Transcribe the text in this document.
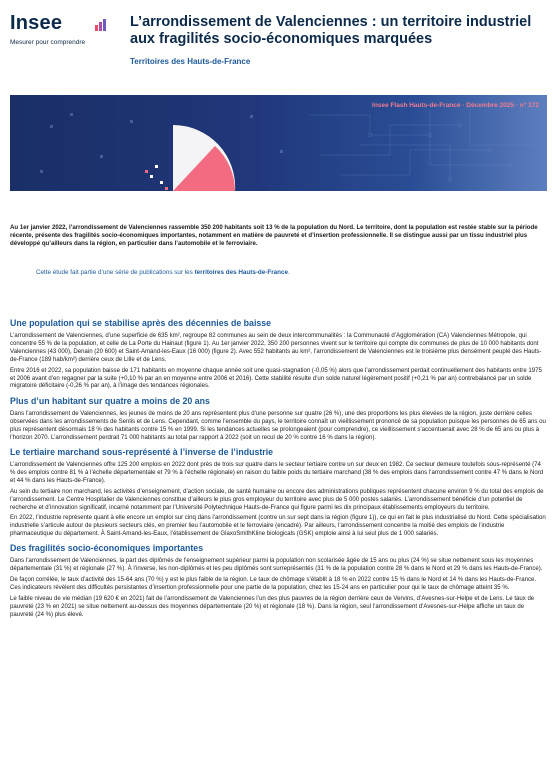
Insee
Mesurer pour comprendre
L’arrondissement de Valenciennes : un territoire industriel aux fragilités socio-économiques marquées
Territoires des Hauts-de-France
Insee Flash Hauts-de-France · Décembre 2025 · n° 172

Au 1er janvier 2022, l’arrondissement de Valenciennes rassemble 350 200 habitants soit 13 % de la population du Nord. Le territoire, dont la population est restée stable sur la période récente, présente des fragilités socio-économiques importantes, notamment en matière de pauvreté et d’insertion professionnelle. Il se distingue aussi par un tissu industriel plus développé qu’ailleurs dans la région, en particulier dans l’automobile et le ferroviaire.

Cette étude fait partie d’une série de publications sur les territoires des Hauts-de-France.

Une population qui se stabilise après des décennies de baisse

L’arrondissement de Valenciennes, d’une superficie de 635 km², regroupe 82 communes au sein de deux intercommunalités : la Communauté d’Agglomération (CA) Valenciennes Métropole, qui concentre 55 % de la population, et celle de La Porte du Hainaut (figure 1). Au 1er janvier 2022, 350 200 personnes vivent sur le territoire qui compte dix communes de plus de 10 000 habitants dont Valenciennes (43 000), Denain (20 600) et Saint-Amand-les-Eaux (16 000) (figure 2). Avec 552 habitants au km², l’arrondissement de Valenciennes est le troisième plus densément peuplé des Hauts-de-France (189 hab/km²) derrière ceux de Lille et de Lens.

Entre 2016 et 2022, sa population baisse de 171 habitants en moyenne chaque année soit une quasi-stagnation (-0,05 %) alors que l’arrondissement perdait continuellement des habitants entre 1975 et 2006 avant d’en regagner par la suite (+0,10 % par an en moyenne entre 2006 et 2016). Cette stabilité résulte d’un solde naturel légèrement positif (+0,21 % par an) contrebalancé par un solde migratoire déficitaire (-0,26 % par an), à l’image des tendances régionales.

Plus d’un habitant sur quatre a moins de 20 ans

Dans l’arrondissement de Valenciennes, les jeunes de moins de 20 ans représentent plus d’une personne sur quatre (26 %), une des proportions les plus élevées de la région, juste derrière celles observées dans les arrondissements de Senlis et de Lens. Cependant, comme l’ensemble du pays, le territoire connaît un vieillissement prononcé de sa population puisque les personnes de 65 ans ou plus représentent désormais 18 % des habitants contre 15 % en 1999. Si les tendances actuelles se prolongeaient (pour comprendre), ce vieillissement s’accentuerait avec 28 % de 65 ans ou plus à l’horizon 2070. L’arrondissement perdrait 71 000 habitants au total par rapport à 2022 (soit un recul de 20 % contre 16 % dans la région).

Le tertiaire marchand sous-représenté à l’inverse de l’industrie

L’arrondissement de Valenciennes offre 125 200 emplois en 2022 dont près de trois sur quatre dans le secteur tertiaire contre un sur deux en 1982. Ce secteur demeure toutefois sous-représenté (74 % des emplois contre 81 % à l’échelle départementale et 79 % à l’échelle régionale) en raison du faible poids du tertiaire marchand (38 % des emplois dans l’arrondissement contre 47 % dans le Nord et 44 % dans les Hauts-de-France).

Au sein du tertiaire non marchand, les activités d’enseignement, d’action sociale, de santé humaine ou encore des administrations publiques représentent chacune environ 9 % du total des emplois de l’arrondissement. Le Centre Hospitalier de Valenciennes constitue d’ailleurs le plus gros employeur du territoire avec plus de 5 000 postes salariés. L’arrondissement bénéficie d’un potentiel de recherche et d’innovation significatif, incarné notamment par l’Université Polytechnique Hauts-de-France qui figure parmi les dix principaux établissements employeurs du territoire.

En 2022, l’industrie représente quant à elle encore un emploi sur cinq dans l’arrondissement (contre un sur sept dans la région (figure 1)), ce qui en fait le plus industrialisé du Nord. Cette spécialisation industrielle s’articule autour de plusieurs secteurs clés, en premier lieu l’automobile et le ferroviaire (encadré). Par ailleurs, l’arrondissement concentre la moitié des emplois de l’industrie pharmaceutique du département. À Saint-Amand-les-Eaux, l’établissement de GlaxoSmithKline biologicals (GSK) emploie ainsi à lui seul plus de 1 000 salariés.

Des fragilités socio-économiques importantes

Dans l’arrondissement de Valenciennes, la part des diplômés de l’enseignement supérieur parmi la population non scolarisée âgée de 15 ans ou plus (24 %) se situe nettement sous les moyennes départementale (31 %) et régionale (27 %). À l’inverse, les non-diplômés et les peu diplômés sont surreprésentés (31 % de la population contre 28 % dans le Nord et 29 % dans les Hauts-de-France).

De façon corrélée, le taux d’activité des 15-64 ans (70 %) y est le plus faible de la région. Le taux de chômage s’établit à 18 % en 2022 contre 15 % dans le Nord et 14 % dans les Hauts-de-France. Ces indicateurs révèlent des difficultés persistantes d’insertion professionnelle pour une partie de la population, chez les 15-24 ans en particulier pour qui le taux de chômage atteint 35 %.

Le faible niveau de vie médian (19 620 € en 2021) fait de l’arrondissement de Valenciennes l’un des plus pauvres de la région derrière ceux de Vervins, d’Avesnes-sur-Helpe et de Lens. Le taux de pauvreté (23 % en 2021) se situe nettement au-dessus des moyennes départementale (20 %) et régionale (18 %). Dans la région, seul l’arrondissement d’Avesnes-sur-Helpe affiche un taux de pauvreté (24 %) plus élevé.
